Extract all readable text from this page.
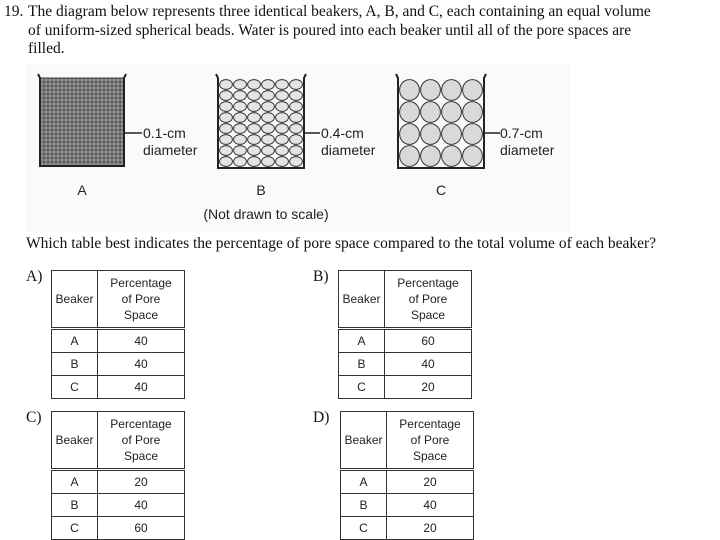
19. The diagram below represents three identical beakers, A, B, and C, each containing an equal volume
of uniform-sized spherical beads. Water is poured into each beaker until all of the pore spaces are
filled.
0.1-cm
diameter
0.4-cm
diameter
0.7-cm
diameter
A	B	C
(Not drawn to scale)
Which table best indicates the percentage of pore space compared to the total volume of each beaker?
A)
Beaker	Percentage
of Pore
Space
A	40
B	40
C	40
B)
Beaker	Percentage
of Pore
Space
A	60
B	40
C	20
C)
Beaker	Percentage
of Pore
Space
A	20
B	40
C	60
D)
Beaker	Percentage
of Pore
Space
A	20
B	40
C	20
